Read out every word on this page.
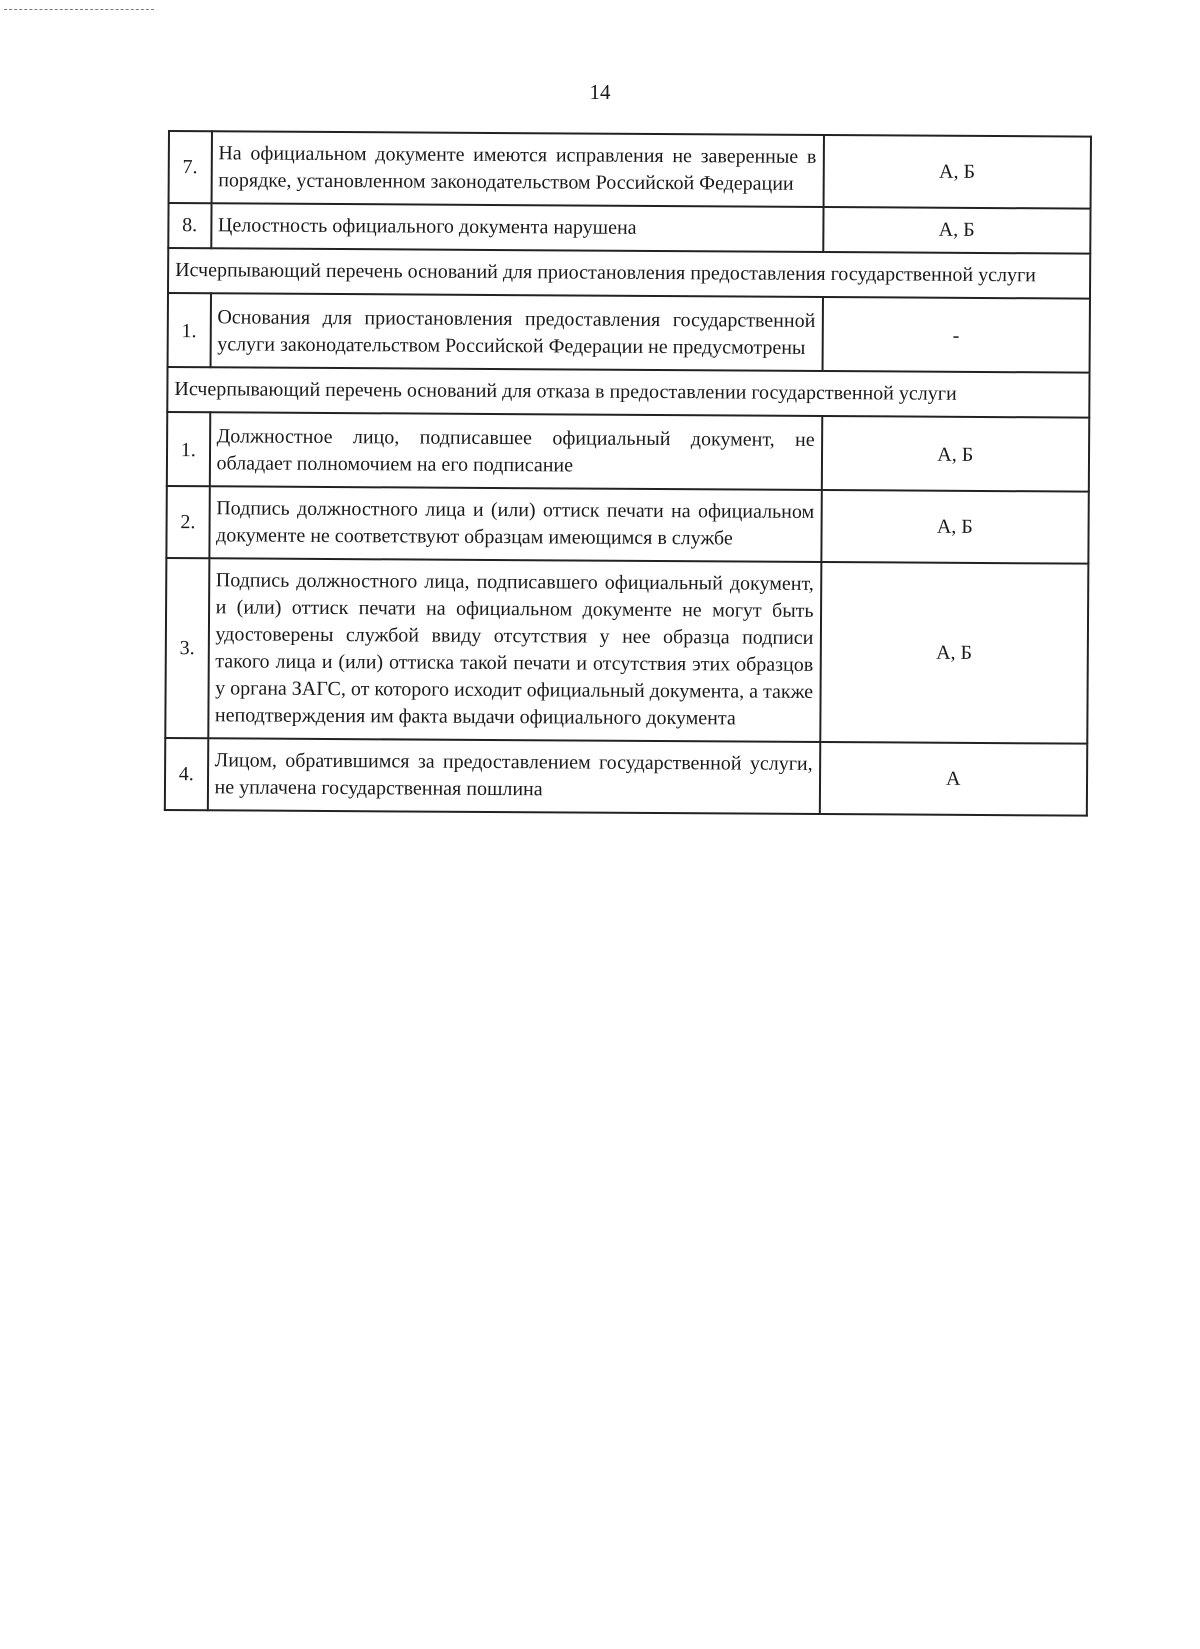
14
7.	На официальном документе имеются исправления не заверенные в порядке, установленном законодательством Российской Федерации	А, Б
8.	Целостность официального документа нарушена	А, Б
Исчерпывающий перечень оснований для приостановления предоставления государственной услуги		
1.	Основания для приостановления предоставления государственной услуги законодательством Российской Федерации не предусмотрены	-
Исчерпывающий перечень оснований для отказа в предоставлении государственной услуги		
1.	Должностное лицо, подписавшее официальный документ, не обладает полномочием на его подписание	А, Б
2.	Подпись должностного лица и (или) оттиск печати на официальном документе не соответствуют образцам имеющимся в службе	А, Б
3.	Подпись должностного лица, подписавшего официальный документ, и (или) оттиск печати на официальном документе не могут быть удостоверены службой ввиду отсутствия у нее образца подписи такого лица и (или) оттиска такой печати и отсутствия этих образцов у органа ЗАГС, от которого исходит официальный документа, а также неподтверждения им факта выдачи официального документа	А, Б
4.	Лицом, обратившимся за предоставлением государственной услуги, не уплачена государственная пошлина	А
